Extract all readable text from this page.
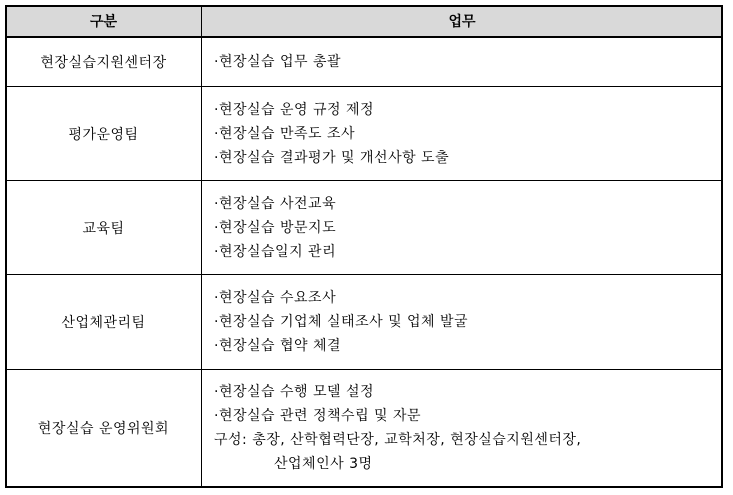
구분	업무
현장실습지원센터장	·현장실습 업무 총괄

평가운영팀	·현장실습 운영 규정 제정
·현장실습 만족도 조사
·현장실습 결과평가 및 개선사항 도출

교육팀	·현장실습 사전교육
·현장실습 방문지도
·현장실습일지 관리

산업체관리팀	·현장실습 수요조사
·현장실습 기업체 실태조사 및 업체 발굴
·현장실습 협약 체결

현장실습 운영위원회	·현장실습 수행 모델 설정
·현장실습 관련 정책수립 및 자문
구성: 총장, 산학협력단장, 교학처장, 현장실습지원센터장,
산업체인사 3명
